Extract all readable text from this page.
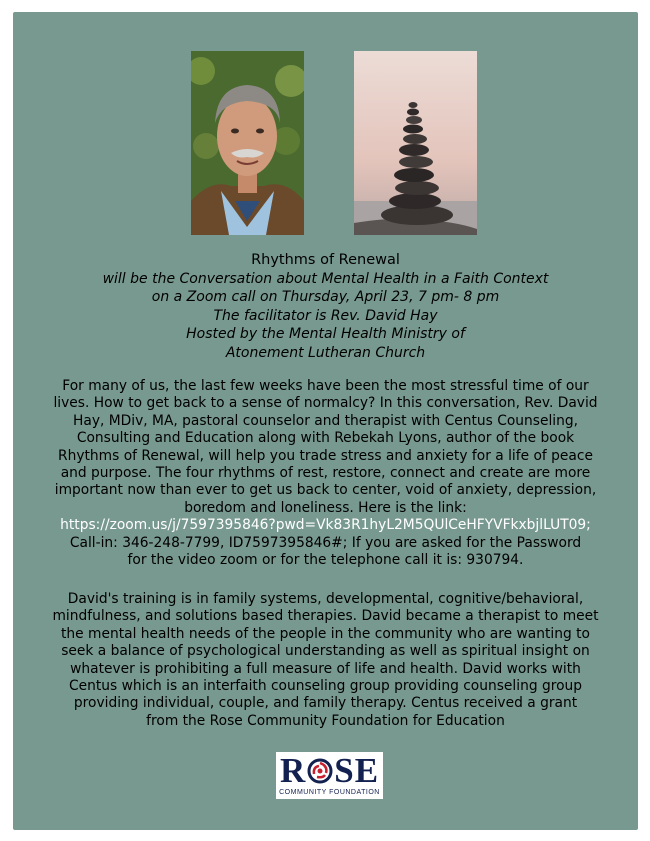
Rhythms of Renewal
will be the Conversation about Mental Health in a Faith Context
on a Zoom call on Thursday, April 23, 7 pm- 8 pm
The facilitator is Rev. David Hay
Hosted by the Mental Health Ministry of
Atonement Lutheran Church
For many of us, the last few weeks have been the most stressful time of our
lives. How to get back to a sense of normalcy? In this conversation, Rev. David
Hay, MDiv, MA, pastoral counselor and therapist with Centus Counseling,
Consulting and Education along with Rebekah Lyons, author of the book
Rhythms of Renewal, will help you trade stress and anxiety for a life of peace
and purpose. The four rhythms of rest, restore, connect and create are more
important now than ever to get us back to center, void of anxiety, depression,
boredom and loneliness. Here is the link:
https://zoom.us/j/7597395846?pwd=Vk83R1hyL2M5QUlCeHFYVFkxbjlLUT09;
Call-in: 346-248-7799, ID7597395846#; If you are asked for the Password
for the video zoom or for the telephone call it is: 930794.
David's training is in family systems, developmental, cognitive/behavioral,
mindfulness, and solutions based therapies. David became a therapist to meet
the mental health needs of the people in the community who are wanting to
seek a balance of psychological understanding as well as spiritual insight on
whatever is prohibiting a full measure of life and health. David works with
Centus which is an interfaith counseling group providing counseling group
providing individual, couple, and family therapy. Centus received a grant
from the Rose Community Foundation for Education
R SE
COMMUNITY FOUNDATION
